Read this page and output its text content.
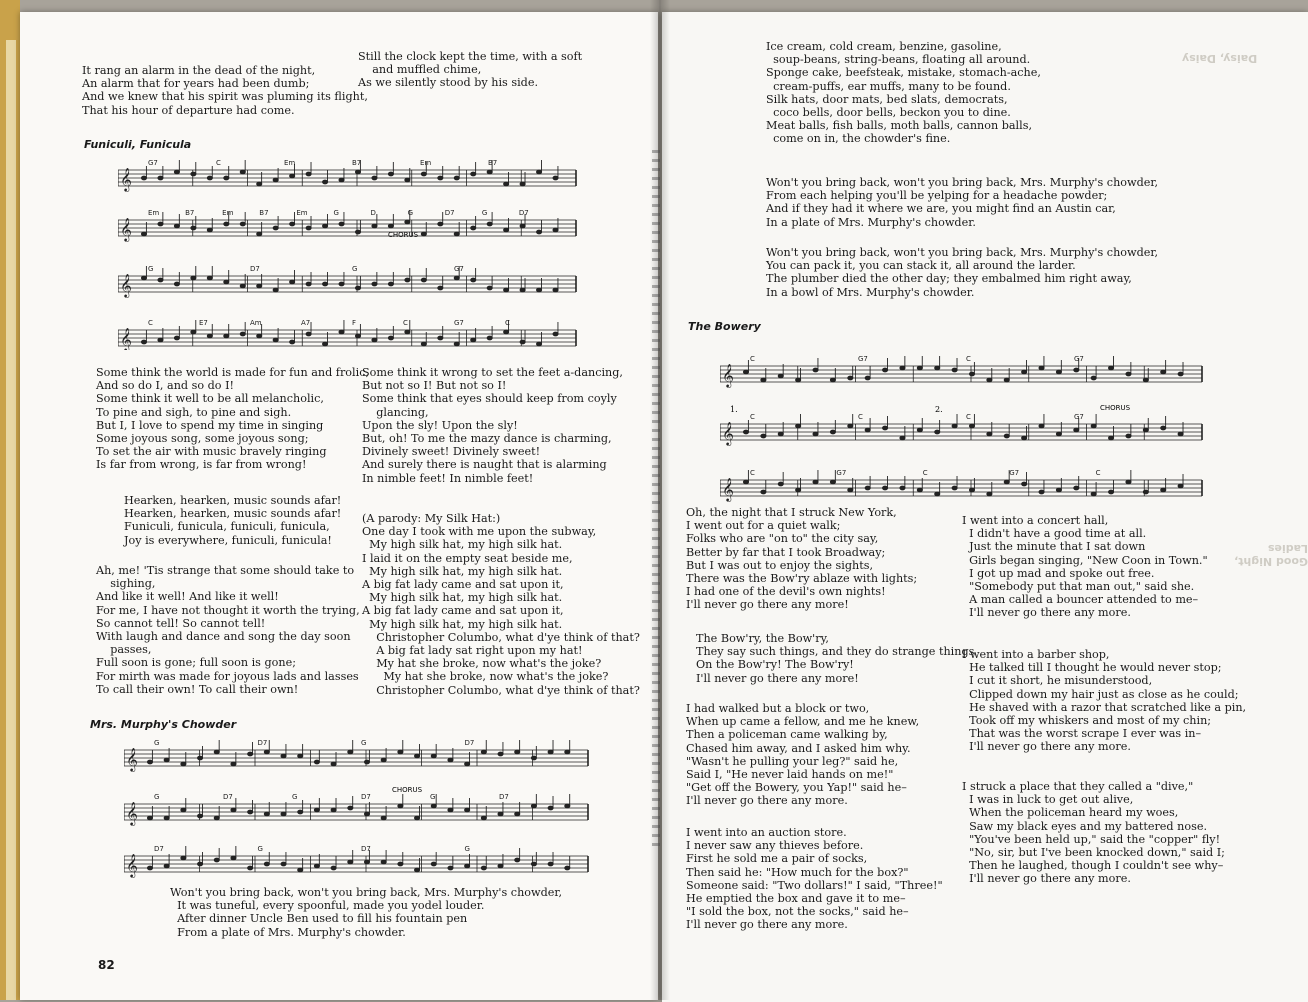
It rang an alarm in the dead of the night,
An alarm that for years had been dumb;
And we knew that his spirit was pluming its flight,
That his hour of departure had come.
Still the clock kept the time, with a soft
and muffled chime,
As we silently stood by his side.
Funiculi, Funicula
𝄞
G7	C	Em	B7	Em	B7
𝄞
Em	B7	Em	B7	Em	G	D	G	D7	G	D7
𝄞
G	D7	G	G7
𝄞
C	E7	Am	A7	F	C	G7	C
CHORUS
Some think the world is made for fun and frolic,
And so do I, and so do I!
Some think it well to be all melancholic,
To pine and sigh, to pine and sigh.
But I, I love to spend my time in singing
Some joyous song, some joyous song;
To set the air with music bravely ringing
Is far from wrong, is far from wrong!
Hearken, hearken, music sounds afar!
Hearken, hearken, music sounds afar!
Funiculi, funicula, funiculi, funicula,
Joy is everywhere, funiculi, funicula!
Ah, me! 'Tis strange that some should take to
sighing,
And like it well! And like it well!
For me, I have not thought it worth the trying,
So cannot tell! So cannot tell!
With laugh and dance and song the day soon
passes,
Full soon is gone; full soon is gone;
For mirth was made for joyous lads and lasses
To call their own! To call their own!
Some think it wrong to set the feet a-dancing,
But not so I! But not so I!
Some think that eyes should keep from coyly
glancing,
Upon the sly! Upon the sly!
But, oh! To me the mazy dance is charming,
Divinely sweet! Divinely sweet!
And surely there is naught that is alarming
In nimble feet! In nimble feet!
(A parody: My Silk Hat:)
One day I took with me upon the subway,
My high silk hat, my high silk hat.
I laid it on the empty seat beside me,
My high silk hat, my high silk hat.
A big fat lady came and sat upon it,
My high silk hat, my high silk hat.
A big fat lady came and sat upon it,
My high silk hat, my high silk hat.
Christopher Columbo, what d'ye think of that?
A big fat lady sat right upon my hat!
My hat she broke, now what's the joke?
My hat she broke, now what's the joke?
Christopher Columbo, what d'ye think of that?
Mrs. Murphy's Chowder
𝄞
G	D7	G	D7
𝄞
G	D7	G	D7	G	D7
𝄞
D7	G	D7	G
CHORUS
Won't you bring back, won't you bring back, Mrs. Murphy's chowder,
It was tuneful, every spoonful, made you yodel louder.
After dinner Uncle Ben used to fill his fountain pen
From a plate of Mrs. Murphy's chowder.
82
Daisy, Daisy
Good Night, Ladies
Ice cream, cold cream, benzine, gasoline,
soup-beans, string-beans, floating all around.
Sponge cake, beefsteak, mistake, stomach-ache,
cream-puffs, ear muffs, many to be found.
Silk hats, door mats, bed slats, democrats,
coco bells, door bells, beckon you to dine.
Meat balls, fish balls, moth balls, cannon balls,
come on in, the chowder's fine.
Won't you bring back, won't you bring back, Mrs. Murphy's chowder,
From each helping you'll be yelping for a headache powder;
And if they had it where we are, you might find an Austin car,
In a plate of Mrs. Murphy's chowder.
Won't you bring back, won't you bring back, Mrs. Murphy's chowder,
You can pack it, you can stack it, all around the larder.
The plumber died the other day; they embalmed him right away,
In a bowl of Mrs. Murphy's chowder.
The Bowery
𝄞
C	G7	C	G7
𝄞
C	C	C	G7
𝄞
C	G7	C	G7	C
1.	2.	CHORUS
Oh, the night that I struck New York,
I went out for a quiet walk;
Folks who are "on to" the city say,
Better by far that I took Broadway;
But I was out to enjoy the sights,
There was the Bow'ry ablaze with lights;
I had one of the devil's own nights!
I'll never go there any more!
The Bow'ry, the Bow'ry,
They say such things, and they do strange things
On the Bow'ry! The Bow'ry!
I'll never go there any more!
I had walked but a block or two,
When up came a fellow, and me he knew,
Then a policeman came walking by,
Chased him away, and I asked him why.
"Wasn't he pulling your leg?" said he,
Said I, "He never laid hands on me!"
"Get off the Bowery, you Yap!" said he–
I'll never go there any more.
I went into an auction store.
I never saw any thieves before.
First he sold me a pair of socks,
Then said he: "How much for the box?"
Someone said: "Two dollars!" I said, "Three!"
He emptied the box and gave it to me–
"I sold the box, not the socks," said he–
I'll never go there any more.
I went into a concert hall,
I didn't have a good time at all.
Just the minute that I sat down
Girls began singing, "New Coon in Town."
I got up mad and spoke out free.
"Somebody put that man out," said she.
A man called a bouncer attended to me–
I'll never go there any more.
I went into a barber shop,
He talked till I thought he would never stop;
I cut it short, he misunderstood,
Clipped down my hair just as close as he could;
He shaved with a razor that scratched like a pin,
Took off my whiskers and most of my chin;
That was the worst scrape I ever was in–
I'll never go there any more.
I struck a place that they called a "dive,"
I was in luck to get out alive,
When the policeman heard my woes,
Saw my black eyes and my battered nose.
"You've been held up," said the "copper" fly!
"No, sir, but I've been knocked down," said I;
Then he laughed, though I couldn't see why–
I'll never go there any more.
